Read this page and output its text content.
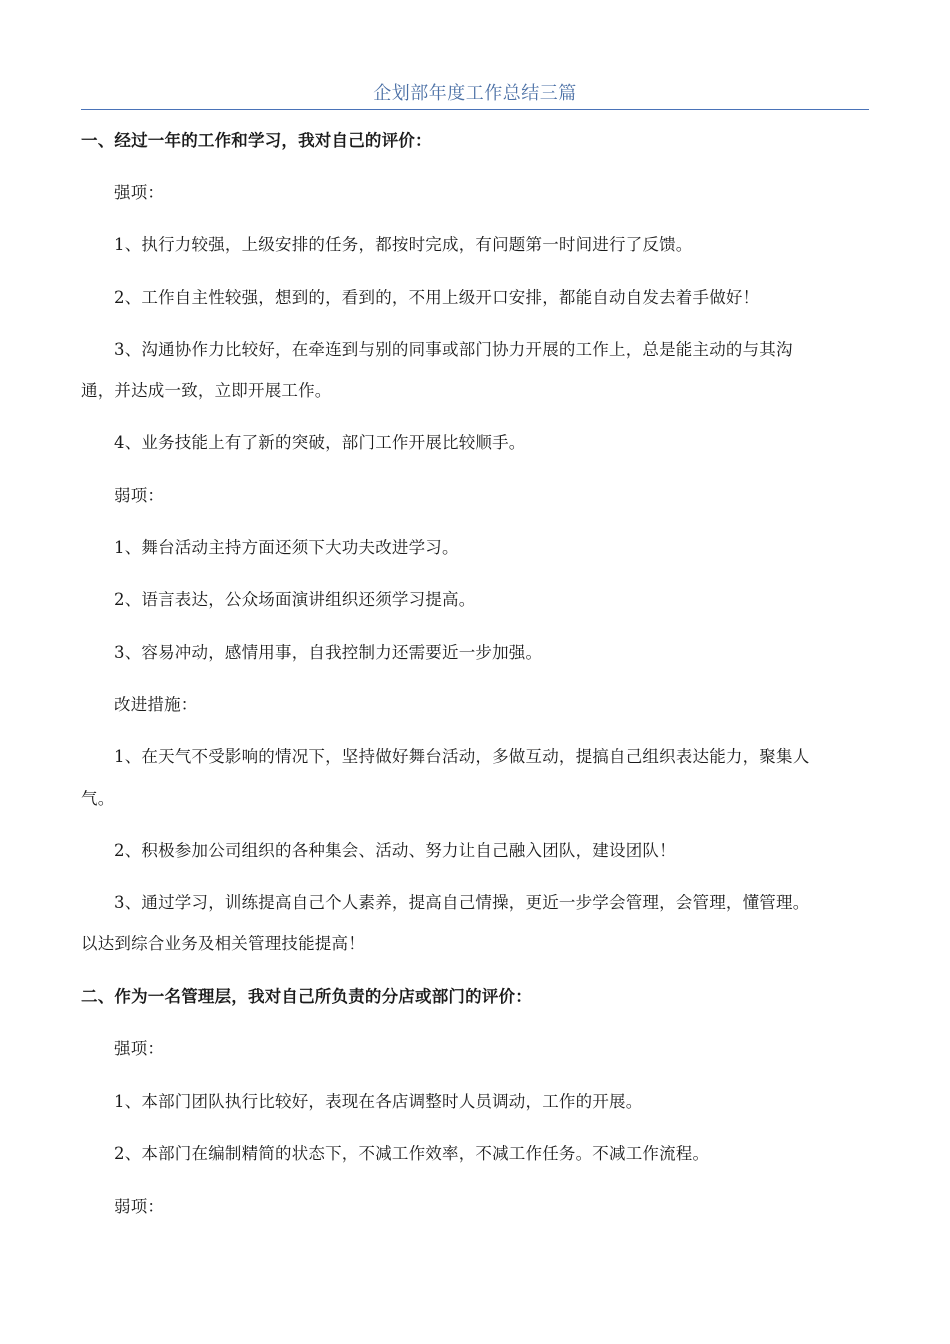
企划部年度工作总结三篇
一、经过一年的工作和学习，我对自己的评价：
强项：
1、执行力较强，上级安排的任务，都按时完成，有问题第一时间进行了反馈。
2、工作自主性较强，想到的，看到的，不用上级开口安排，都能自动自发去着手做好！
3、沟通协作力比较好，在牵连到与别的同事或部门协力开展的工作上，总是能主动的与其沟
通，并达成一致，立即开展工作。
4、业务技能上有了新的突破，部门工作开展比较顺手。
弱项：
1、舞台活动主持方面还须下大功夫改进学习。
2、语言表达，公众场面演讲组织还须学习提高。
3、容易冲动，感情用事，自我控制力还需要近一步加强。
改进措施：
1、在天气不受影响的情况下，坚持做好舞台活动，多做互动，提搞自己组织表达能力，聚集人
气。
2、积极参加公司组织的各种集会、活动、努力让自己融入团队，建设团队！
3、通过学习，训练提高自己个人素养，提高自己情操，更近一步学会管理，会管理，懂管理。
以达到综合业务及相关管理技能提高！
二、作为一名管理层，我对自己所负责的分店或部门的评价：
强项：
1、本部门团队执行比较好，表现在各店调整时人员调动，工作的开展。
2、本部门在编制精简的状态下，不减工作效率，不减工作任务。不减工作流程。
弱项：
